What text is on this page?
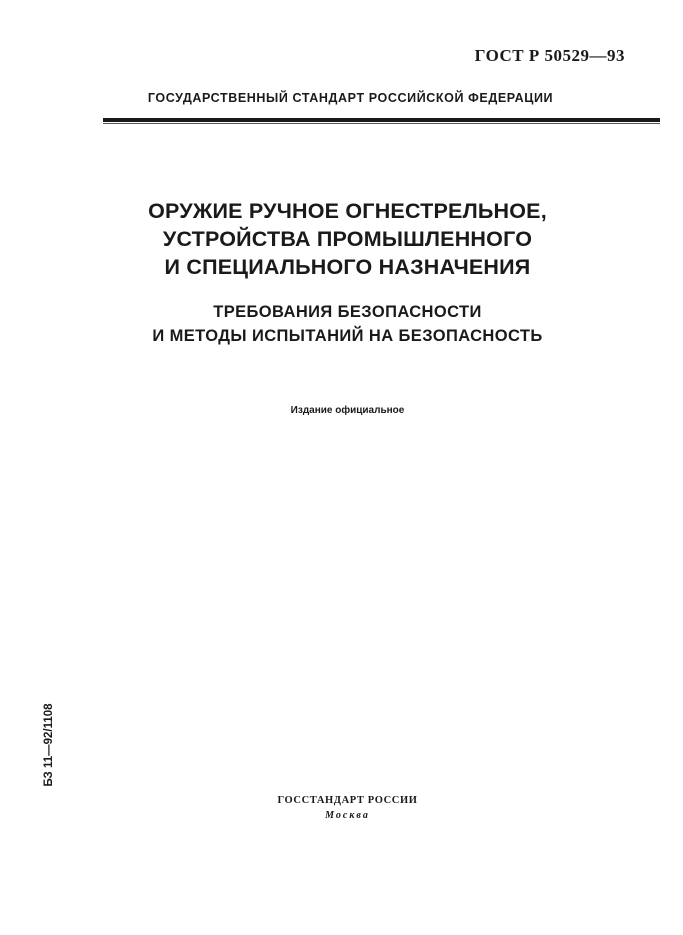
ГОСТ Р 50529—93
ГОСУДАРСТВЕННЫЙ СТАНДАРТ РОССИЙСКОЙ ФЕДЕРАЦИИ
ОРУЖИЕ РУЧНОЕ ОГНЕСТРЕЛЬНОЕ,
УСТРОЙСТВА ПРОМЫШЛЕННОГО
И СПЕЦИАЛЬНОГО НАЗНАЧЕНИЯ
ТРЕБОВАНИЯ БЕЗОПАСНОСТИ
И МЕТОДЫ ИСПЫТАНИЙ НА БЕЗОПАСНОСТЬ
Издание официальное
БЗ 11—92/1108
ГОССТАНДАРТ РОССИИ
Москва
